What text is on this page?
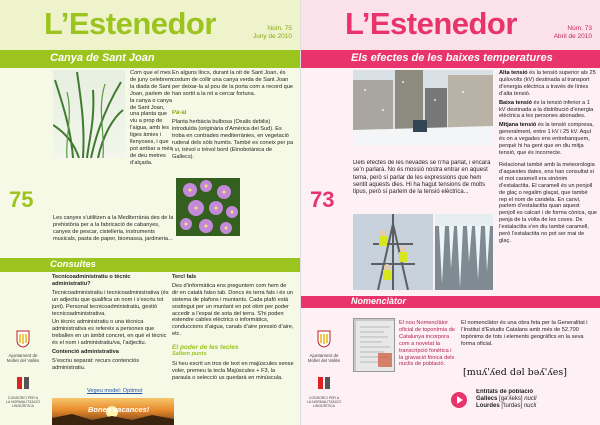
L’Estenedor	Núm. 75
Juny de 2010
Canya de Sant Joan
75

Com que el mes de juny celebrem la diada de Sant Joan, parlem de la canya o canya de Sant Joan, una planta que viu a prop de l’aigua, amb les tiges àmies i llenyoses, i que pot arribar a més de deu metres d’alçada.

Les canyes s’utilitzen a la Mediterrània des de la prehistòria per a la fabricació de cabanyes, canyes de pescar, cistelleria, instruments musicals, pasta de paper, biomassa, jardineria...

En alguns llocs, durant la nit de Sant Joan, és costum de collir una canya verda de Sant Joan per deixar-la al pou de la porta com a record que han sortit a la nit a cercar fortuna.
Pa-al
Planta herbàcia bulbosa (Oxalis debilis) introduïda (originària d’Amèrica del Sud). Es troba en contrades mediterrànies, en vegetació ruderal dels sòls humits. També es coneix per pa i vi, trèvol o trèvol bord (Etnobotànica de Gallecs).
Consultes

Tecnicoadministratiu o tècnic administratiu?

Tecnicoadministratiu i tecnicoadministrativa (és un adjectiu que qualifica un nom i s’escriu tot junt). Personal tecnicoadministratiu, gestió tecnicoadministrativa.

Un tècnic administratiu o una tècnica administrativa es refereix a persones que treballen en un àmbit concret, en què el tècnic és el nom i administratiu/va, l’adjectiu.

Contenció administrativa

S’escriu separat: recurs contenciós administratiu.

Vegeu model: Optimot

Tercl fals

Des d’informàtica ens preguntem com hem de dir en català falso tab. Doncs és terra fals i és un sistema de plafons i muntants. Cada plafó està sostingut per un muntant en pot obrir per poder accedir a l’espai de sota del terra. S’hi poden estendre cables elèctrics o informàtics, conduccions d’aigua, canals d’aire pressió d’aire, etc.

El poder de les tecles
Saltem punts
Si heu escrit un tros de text en majúscules sense voler, premeu la tecla Majúscules + F3, la paraula o selecció us quedarà en minúscula.
Bones vacances!
Ajuntament de Mollet del Vallès
CONSORCI PER A LA NORMALITZACIÓ LINGÜÍSTICA
L’Estenedor	Núm. 73
Abril de 2010
Els efectes de les baixes temperatures
73
Dels efectes de les nevades se n’ha parlat, i encara se’n parlarà. No és mossió nostra entrar en aquest tema, però sí parlar de les expressions que hem sentit aquests dies. Hi ha hagut tensions de molts tipus, però sí parlem de la tensió elèctrica...

Alta tensió és la tensió superior als 25 quilovolts (kV) destinada al transport d’energia elèctrica a través de línies d’alta tensió.

Baixa tensió és la tensió inferior a 1 kV destinada a la distribució d’energia elèctrica a les persones abonades.

Mitjana tensió és la tensió compresa, generalment, entre 1 kV i 25 kV. Aquí és on a vegades ens entrebanquem, perquè hi ha gent que en diu mitja tensió, que és incorrecte.

Relacionat també amb la meteorologia d’aquestes dates, ens han consultat si el mot caramell era sinònim d’estalactita. El caramell és un penjoll de glaç o regalim glaçat, que també rep el nom de candela. En canvi, parlem d’estalactita quan aquest penjoll es calcari i de forma cònica, que penja de la volta de les coves. De l’estalactita s’en diu també caramell, però l’estalactita no pot ser mai de glaç.
Nomenclàtor
El nou Nomenclàtor oficial de toponímia de Catalunya incorpora com a novetat la transcripció fonètica i la gravació fònica dels nuclis de població.
El nomenclàtor és una obra feta per la Generalitat i l’Institut d’Estudis Catalans amb més de 52.700 topònims de tots i elements geogràfics en la seva forma oficial.
[muʎ'ʎed dəl bəʎ'ʎes]
Entitats de població
Gallecs [gə'ʎeks] nucli
Lourdes ['lurdəs] nucli
Ajuntament de Mollet del Vallès
CONSORCI PER A LA NORMALITZACIÓ LINGÜÍSTICA
